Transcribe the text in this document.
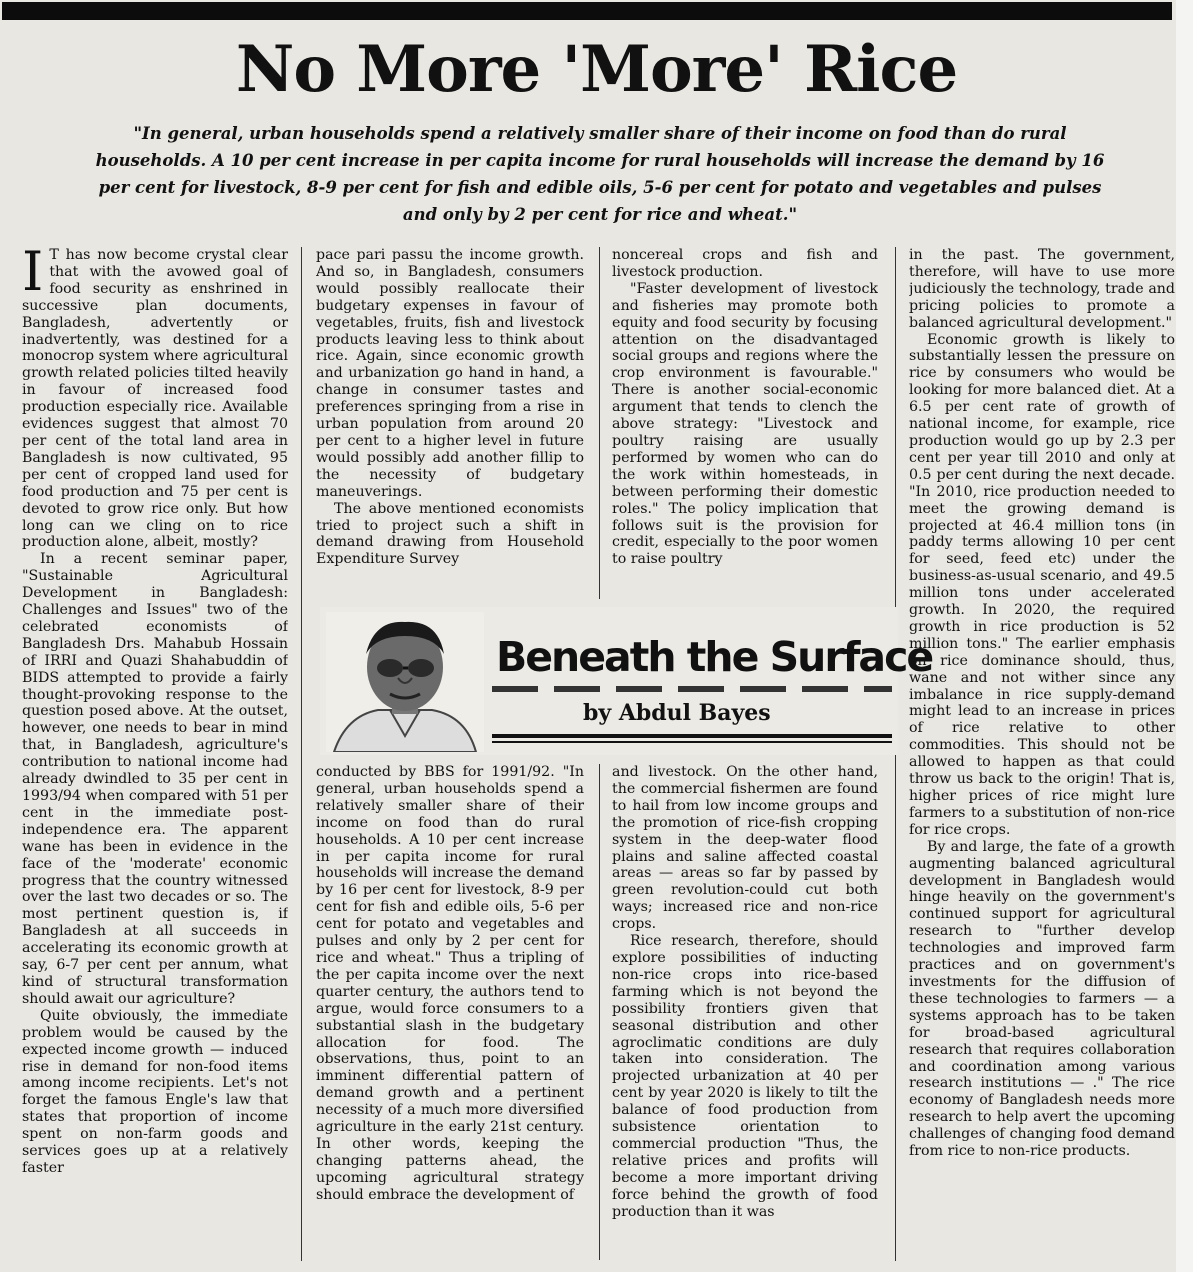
No More 'More' Rice
"In general, urban households spend a relatively smaller share of their income on food than do rural households. A 10 per cent increase in per capita income for rural households will increase the demand by 16 per cent for livestock, 8-9 per cent for fish and edible oils, 5-6 per cent for potato and vegetables and pulses and only by 2 per cent for rice and wheat."

I T has now become crystal clear that with the avowed goal of food security as enshrined in successive plan documents, Bangladesh, advertently or inadvertently, was destined for a monocrop system where agricultural growth related policies tilted heavily in favour of increased food production especially rice. Available evidences suggest that almost 70 per cent of the total land area in Bangladesh is now cultivated, 95 per cent of cropped land used for food production and 75 per cent is devoted to grow rice only. But how long can we cling on to rice production alone, albeit, mostly?

In a recent seminar paper, "Sustainable Agricultural Development in Bangladesh: Challenges and Issues" two of the celebrated economists of Bangladesh Drs. Mahabub Hossain of IRRI and Quazi Shahabuddin of BIDS attempted to provide a fairly thought-provoking response to the question posed above. At the outset, however, one needs to bear in mind that, in Bangladesh, agriculture's contribution to national income had already dwindled to 35 per cent in 1993/94 when compared with 51 per cent in the immediate post-independence era. The apparent wane has been in evidence in the face of the 'moderate' economic progress that the country witnessed over the last two decades or so. The most pertinent question is, if Bangladesh at all succeeds in accelerating its economic growth at say, 6-7 per cent per annum, what kind of structural transformation should await our agriculture?

Quite obviously, the immediate problem would be caused by the expected income growth — induced rise in demand for non-food items among income recipients. Let's not forget the famous Engle's law that states that proportion of income spent on non-farm goods and services goes up at a relatively faster

pace pari passu the income growth. And so, in Bangladesh, consumers would possibly reallocate their budgetary expenses in favour of vegetables, fruits, fish and livestock products leaving less to think about rice. Again, since economic growth and urbanization go hand in hand, a change in consumer tastes and preferences springing from a rise in urban population from around 20 per cent to a higher level in future would possibly add another fillip to the necessity of budgetary maneuverings.

The above mentioned economists tried to project such a shift in demand drawing from Household Expenditure Survey

noncereal crops and fish and livestock production.

"Faster development of livestock and fisheries may promote both equity and food security by focusing attention on the disadvantaged social groups and regions where the crop environment is favourable." There is another social-economic argument that tends to clench the above strategy: "Livestock and poultry raising are usually performed by women who can do the work within homesteads, in between performing their domestic roles." The policy implication that follows suit is the provision for credit, especially to the poor women to raise poultry

in the past. The government, therefore, will have to use more judiciously the technology, trade and pricing policies to promote a balanced agricultural development."

Economic growth is likely to substantially lessen the pressure on rice by consumers who would be looking for more balanced diet. At a 6.5 per cent rate of growth of national income, for example, rice production would go up by 2.3 per cent per year till 2010 and only at 0.5 per cent during the next decade. "In 2010, rice production needed to meet the growing demand is projected at 46.4 million tons (in paddy terms allowing 10 per cent for seed, feed etc) under the business-as-usual scenario, and 49.5 million tons under accelerated growth. In 2020, the required growth in rice production is 52 million tons." The earlier emphasis on rice dominance should, thus, wane and not wither since any imbalance in rice supply-demand might lead to an increase in prices of rice relative to other commodities. This should not be allowed to happen as that could throw us back to the origin! That is, higher prices of rice might lure farmers to a substitution of non-rice for rice crops.

By and large, the fate of a growth augmenting balanced agricultural development in Bangladesh would hinge heavily on the government's continued support for agricultural research to "further develop technologies and improved farm practices and on government's investments for the diffusion of these technologies to farmers — a systems approach has to be taken for broad-based agricultural research that requires collaboration and coordination among various research institutions — ." The rice economy of Bangladesh needs more research to help avert the upcoming challenges of changing food demand from rice to non-rice products.

Beneath the Surface
by Abdul Bayes

conducted by BBS for 1991/92. "In general, urban households spend a relatively smaller share of their income on food than do rural households. A 10 per cent increase in per capita income for rural households will increase the demand by 16 per cent for livestock, 8-9 per cent for fish and edible oils, 5-6 per cent for potato and vegetables and pulses and only by 2 per cent for rice and wheat." Thus a tripling of the per capita income over the next quarter century, the authors tend to argue, would force consumers to a substantial slash in the budgetary allocation for food. The observations, thus, point to an imminent differential pattern of demand growth and a pertinent necessity of a much more diversified agriculture in the early 21st century. In other words, keeping the changing patterns ahead, the upcoming agricultural strategy should embrace the development of

and livestock. On the other hand, the commercial fishermen are found to hail from low income groups and the promotion of rice-fish cropping system in the deep-water flood plains and saline affected coastal areas — areas so far by passed by green revolution-could cut both ways; increased rice and non-rice crops.

Rice research, therefore, should explore possibilities of inducting non-rice crops into rice-based farming which is not beyond the possibility frontiers given that seasonal distribution and other agroclimatic conditions are duly taken into consideration. The projected urbanization at 40 per cent by year 2020 is likely to tilt the balance of food production from subsistence orientation to commercial production "Thus, the relative prices and profits will become a more important driving force behind the growth of food production than it was
